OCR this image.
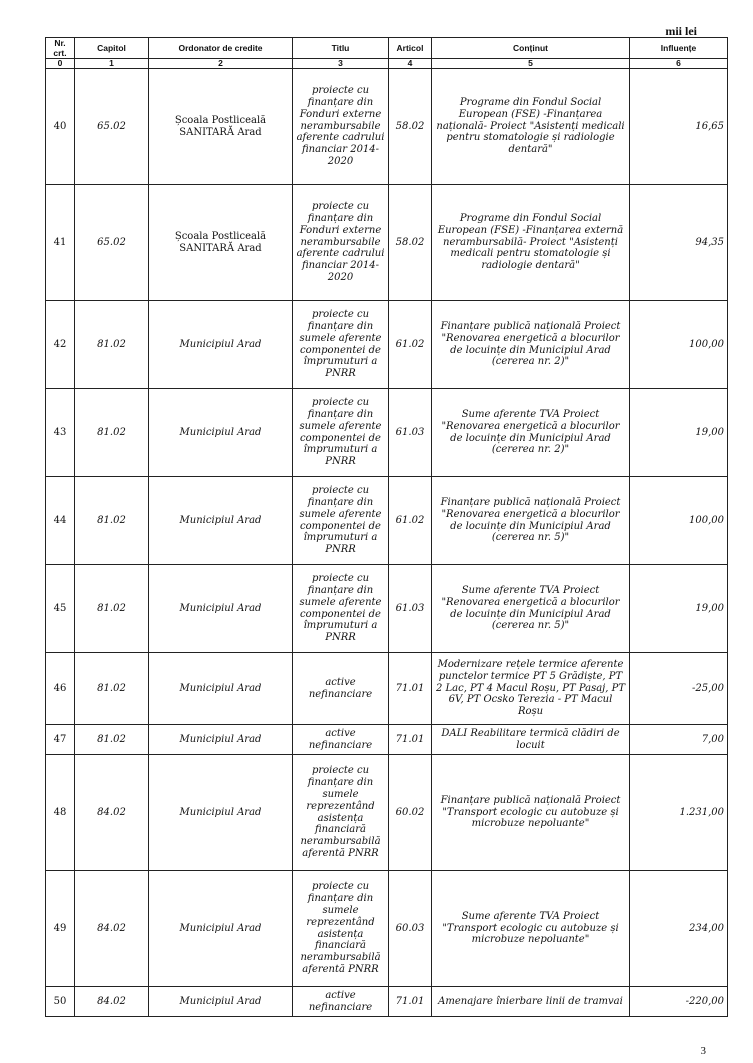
mii lei
Nr. crt.	Capitol	Ordonator de credite	Titlu	Articol	Conținut	Influențe
0	1	2	3	4	5	6
40	65.02	Școala Postliceală SANITARĂ Arad	proiecte cu finanțare din Fonduri externe nerambursabile aferente cadrului financiar 2014-2020	58.02	Programe din Fondul Social European (FSE) -Finanțarea națională- Proiect "Asistenți medicali pentru stomatologie și radiologie dentară"	16,65
41	65.02	Școala Postliceală SANITARĂ Arad	proiecte cu finanțare din Fonduri externe nerambursabile aferente cadrului financiar 2014-2020	58.02	Programe din Fondul Social European (FSE) -Finanțarea externă nerambursabilă- Proiect "Asistenți medicali pentru stomatologie și radiologie dentară"	94,35
42	81.02	Municipiul Arad	proiecte cu finanțare din sumele aferente componentei de împrumuturi a PNRR	61.02	Finanțare publică națională Proiect "Renovarea energetică a blocurilor de locuințe din Municipiul Arad (cererea nr. 2)"	100,00
43	81.02	Municipiul Arad	proiecte cu finanțare din sumele aferente componentei de împrumuturi a PNRR	61.03	Sume aferente TVA Proiect "Renovarea energetică a blocurilor de locuințe din Municipiul Arad (cererea nr. 2)"	19,00
44	81.02	Municipiul Arad	proiecte cu finanțare din sumele aferente componentei de împrumuturi a PNRR	61.02	Finanțare publică națională Proiect "Renovarea energetică a blocurilor de locuințe din Municipiul Arad (cererea nr. 5)"	100,00
45	81.02	Municipiul Arad	proiecte cu finanțare din sumele aferente componentei de împrumuturi a PNRR	61.03	Sume aferente TVA Proiect "Renovarea energetică a blocurilor de locuințe din Municipiul Arad (cererea nr. 5)"	19,00
46	81.02	Municipiul Arad	active nefinanciare	71.01	Modernizare rețele termice aferente punctelor termice PT 5 Grădiște, PT 2 Lac, PT 4 Macul Roșu, PT Pasaj, PT 6V, PT Ocsko Terezia - PT Macul Roșu	-25,00
47	81.02	Municipiul Arad	active nefinanciare	71.01	DALI Reabilitare termică clădiri de locuit	7,00
48	84.02	Municipiul Arad	proiecte cu finanțare din sumele reprezentând asistența financiară nerambursabilă aferentă PNRR	60.02	Finanțare publică națională Proiect "Transport ecologic cu autobuze și microbuze nepoluante"	1.231,00
49	84.02	Municipiul Arad	proiecte cu finanțare din sumele reprezentând asistența financiară nerambursabilă aferentă PNRR	60.03	Sume aferente TVA Proiect "Transport ecologic cu autobuze și microbuze nepoluante"	234,00
50	84.02	Municipiul Arad	active nefinanciare	71.01	Amenajare înierbare linii de tramvai	-220,00
3
